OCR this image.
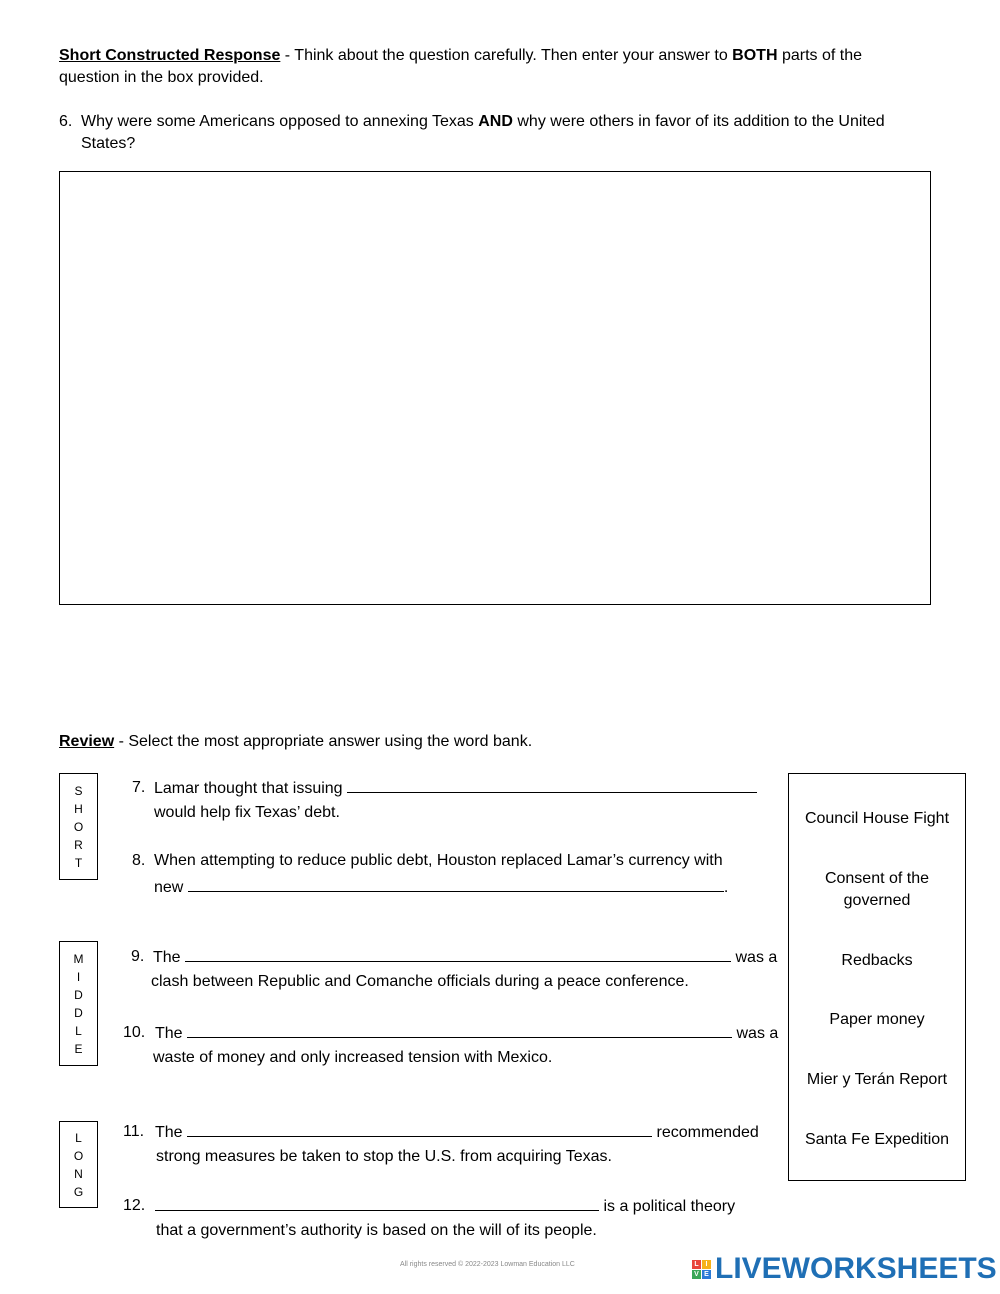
Short Constructed Response - Think about the question carefully. Then enter your answer to BOTH parts of the
question in the box provided.
6. Why were some Americans opposed to annexing Texas AND why were others in favor of its addition to the United
States?
Review - Select the most appropriate answer using the word bank.
S
H
O
R
T
M
I
D
D
L
E
L
O
N
G
7. Lamar thought that issuing
would help fix Texas’ debt.
8. When attempting to reduce public debt, Houston replaced Lamar’s currency with
new	.
9. The	was a
clash between Republic and Comanche officials during a peace conference.
10. The	was a
waste of money and only increased tension with Mexico.
11. The	recommended
strong measures be taken to stop the U.S. from acquiring Texas.
12.	is a political theory
that a government’s authority is based on the will of its people.
Council House Fight
Consent of the governed
Redbacks
Paper money
Mier y Terán Report
Santa Fe Expedition
All rights reserved © 2022-2023 Lowman Education LLC	L I
V E LIVEWORKSHEETS
